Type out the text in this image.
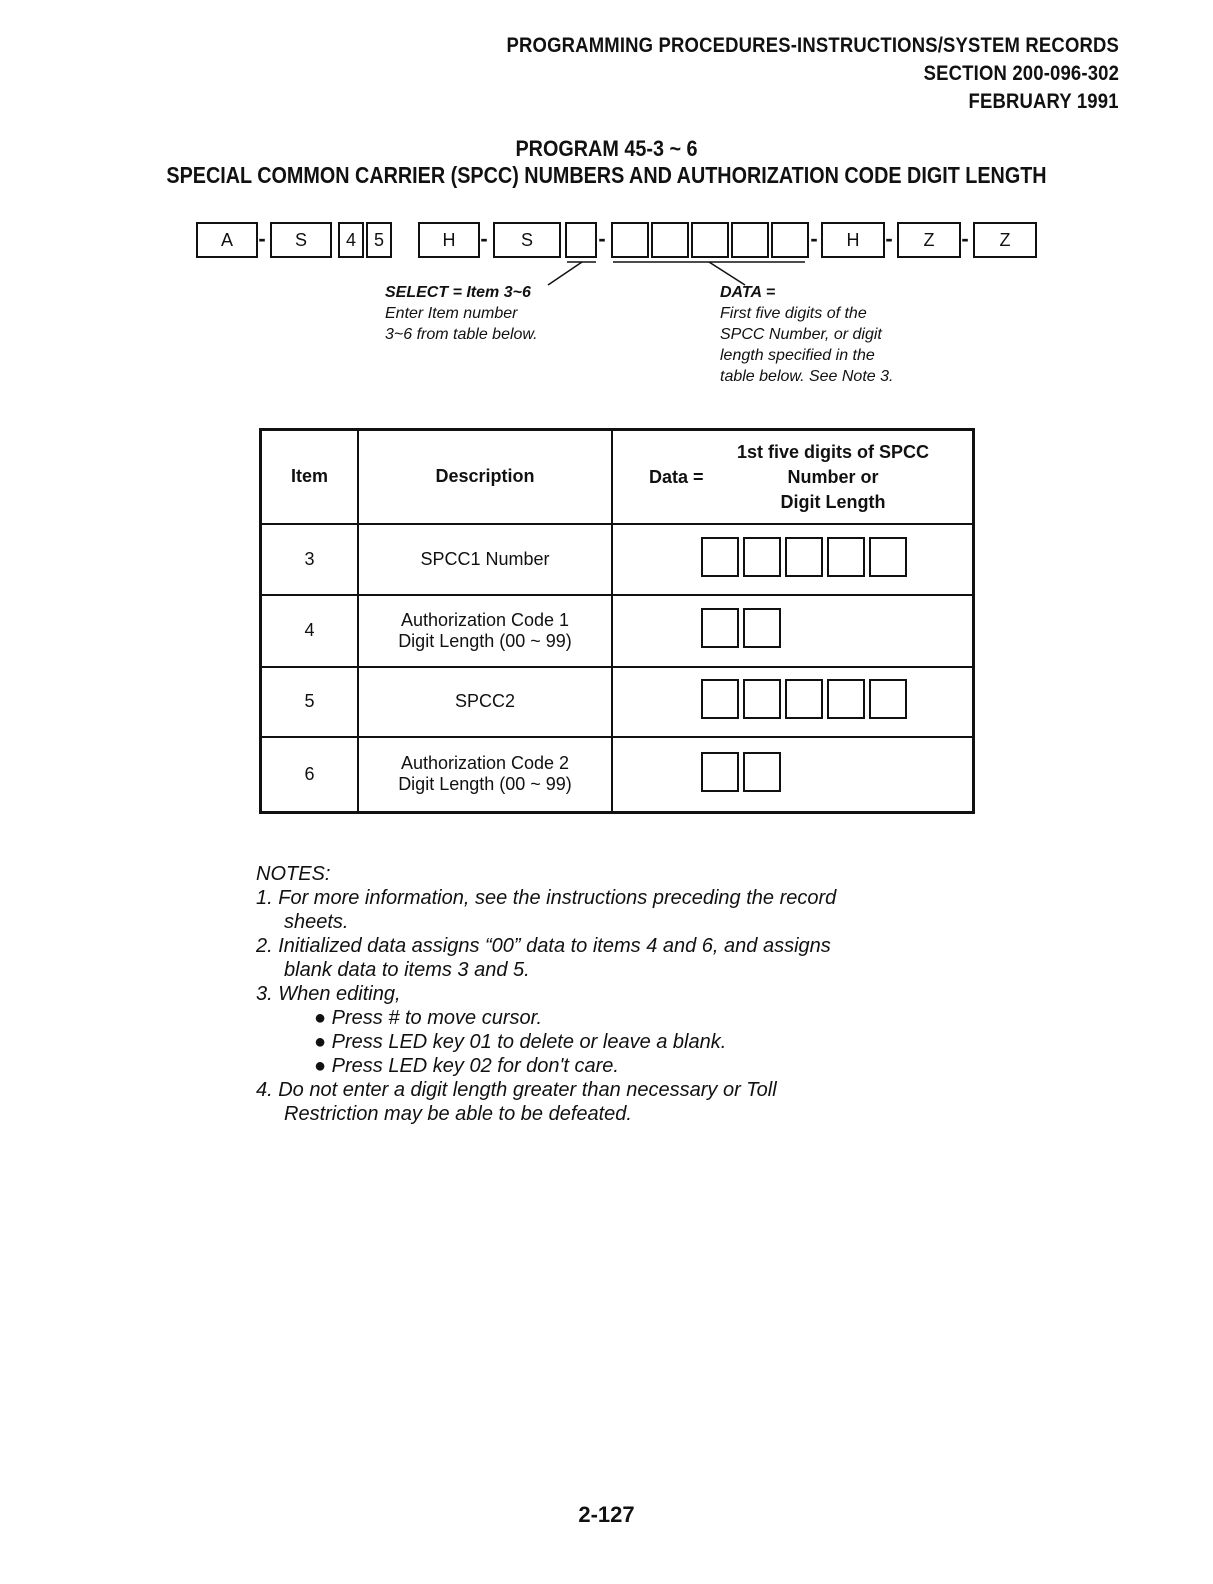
PROGRAMMING PROCEDURES-INSTRUCTIONS/SYSTEM RECORDS
SECTION 200-096-302
FEBRUARY 1991
PROGRAM 45-3 ~ 6
SPECIAL COMMON CARRIER (SPCC) NUMBERS AND AUTHORIZATION CODE DIGIT LENGTH
A	-	S	4 5	H	-	S	-	-	H	-	Z	-	Z
SELECT = Item 3~6
Enter Item number
3~6 from table below.
DATA =
First five digits of the
SPCC Number, or digit
length specified in the
table below. See Note 3.
Item	Description	Data =
1st five digits of SPCC
Number or
Digit Length

3	SPCC1 Number	

4	Authorization Code 1
Digit Length (00 ~ 99)	

5	SPCC2	

6	Authorization Code 2
Digit Length (00 ~ 99)	

NOTES:
1. For more information, see the instructions preceding the record
sheets.
2. Initialized data assigns “00” data to items 4 and 6, and assigns
blank data to items 3 and 5.
3. When editing,
● Press # to move cursor.
● Press LED key 01 to delete or leave a blank.
● Press LED key 02 for don't care.
4. Do not enter a digit length greater than necessary or Toll
Restriction may be able to be defeated.
2-127
